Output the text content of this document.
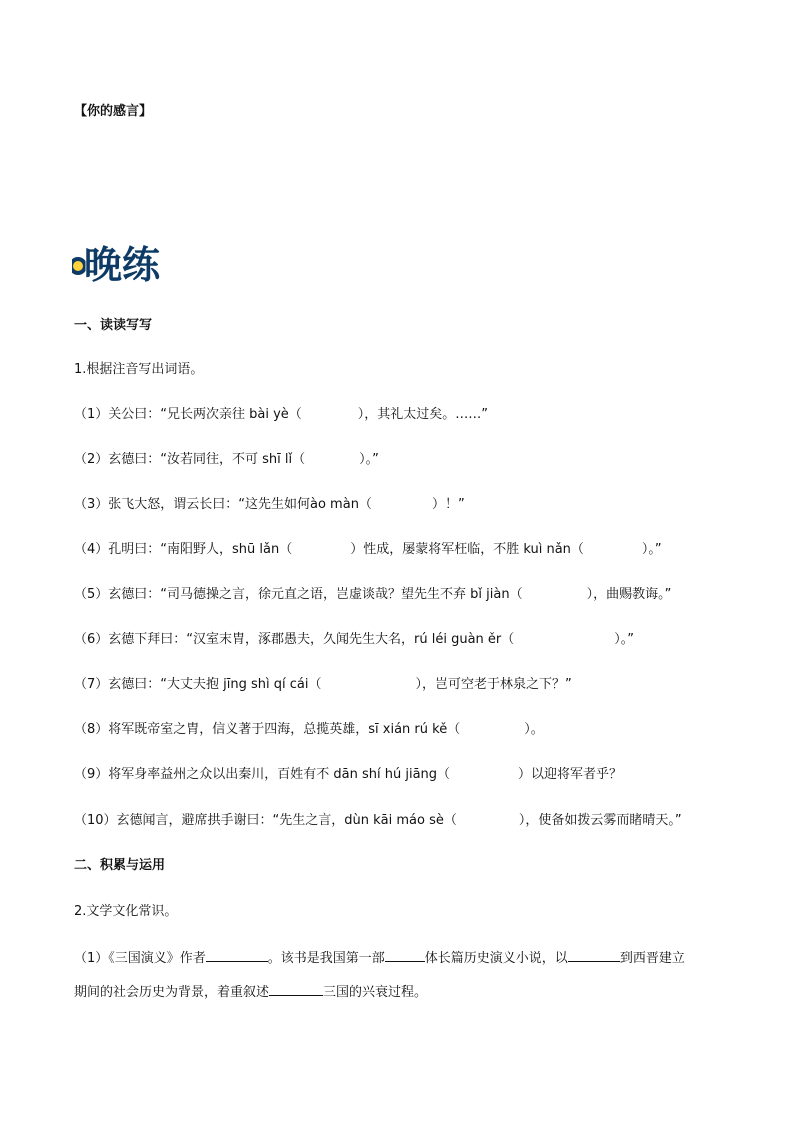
【你的感言】
晚练
一、读读写写
1.根据注音写出词语。
（1）关公曰：“兄长两次亲往 bài yè（	），其礼太过矣。……”
（2）玄德曰：“汝若同往，不可 shī lǐ（	）。”
（3）张飞大怒，谓云长曰：“这先生如何ào màn（	）！”
（4）孔明曰：“南阳野人，shū lǎn（	）性成，屡蒙将军枉临，不胜 kuì nǎn（	）。”
（5）玄德曰：“司马德操之言，徐元直之语，岂虚谈哉？望先生不弃 bǐ jiàn（	），曲赐教诲。”
（6）玄德下拜曰：“汉室末胄，涿郡愚夫，久闻先生大名，rú léi guàn ěr（	）。”
（7）玄德曰：“大丈夫抱 jīng shì qí cái（	），岂可空老于林泉之下？”
（8）将军既帝室之胄，信义著于四海，总揽英雄，sī xián rú kě（	）。
（9）将军身率益州之众以出秦川，百姓有不 dān shí hú jiāng（	）以迎将军者乎？
（10）玄德闻言，避席拱手谢曰：“先生之言，dùn kāi máo sè（	），使备如拨云雾而睹晴天。”
二、积累与运用
2.文学文化常识。
（1）《三国演义》作者	。该书是我国第一部	体长篇历史演义小说，以	到西晋建立
期间的社会历史为背景，着重叙述	三国的兴衰过程。
